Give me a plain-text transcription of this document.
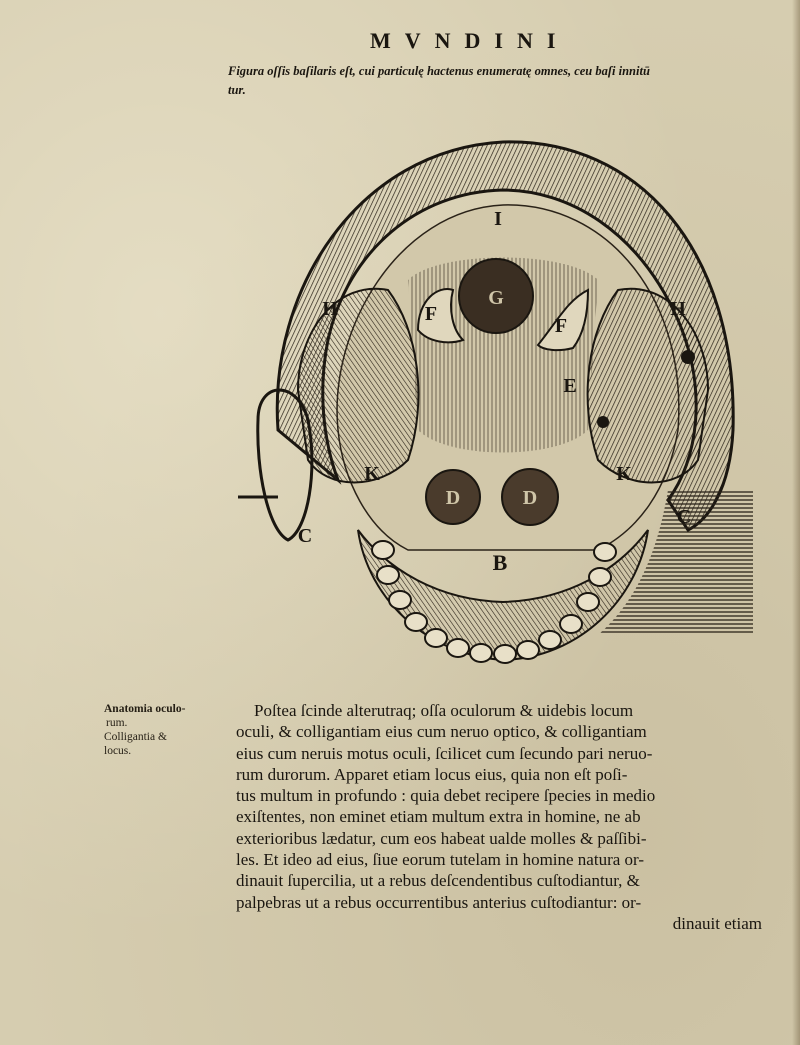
MVNDINI
Figura oſſis baſilaris eſt, cui particulę hactenus enumeratę omnes, ceu baſi innitū
tur.
I
H	H
F
F
E
K	K
C
C
B
G
D	D
Anatomia oculo-
rum.
Colligantia &
locus.
Poſtea ſcinde alterutraq; oſſa oculorum & uidebis locum
oculi, & colligantiam eius cum neruo optico, & colligantiam
eius cum neruis motus oculi, ſcilicet cum ſecundo pari neruo-
rum durorum. Apparet etiam locus eius, quia non eſt poſi-
tus multum in profundo : quia debet recipere ſpecies in medio
exiſtentes, non eminet etiam multum extra in homine, ne ab
exterioribus lædatur, cum eos habeat ualde molles & paſſibi-
les. Et ideo ad eius, ſiue eorum tutelam in homine natura or-
dinauit ſupercilia, ut a rebus deſcendentibus cuſtodiantur, &
palpebras ut a rebus occurrentibus anterius cuſtodiantur: or-
dinauit etiam
